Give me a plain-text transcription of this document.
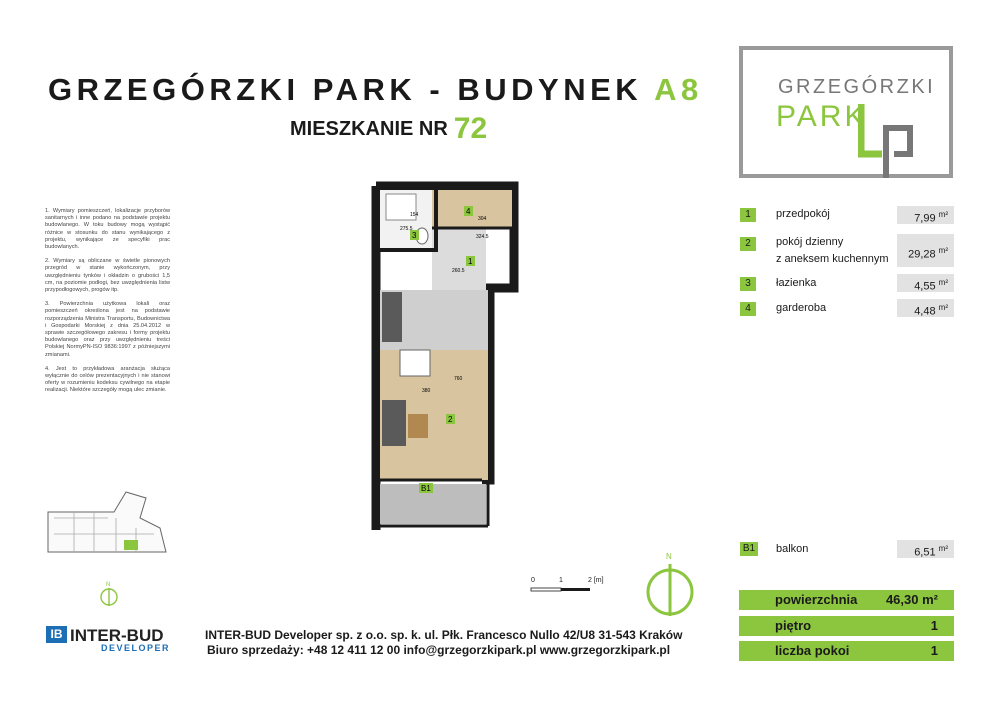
GRZEGÓRZKI PARK - BUDYNEK A8
MIESZKANIE NR 72
GRZEGÓRZKI
PARK

1. Wymiary pomieszczeń, lokalizacje przyborów sanitarnych i inne podano na podstawie projektu budowlanego. W toku budowy mogą wystąpić różnice w stosunku do stanu wynikającego z projektu, wynikające ze specyfiki prac budowlanych.

2. Wymiary są obliczane w świetle pionowych przegród w stanie wykończonym, przy uwzględnieniu tynków i okładzin o grubości 1,5 cm, na poziomie podłogi, bez uwzględnienia listw przypodłogowych, progów itp.

3. Powierzchnia użytkowa lokali oraz pomieszczeń określona jest na podstawie rozporządzenia Ministra Transportu, Budownictwa i Gospodarki Morskiej z dnia 25.04.2012 w sprawie szczegółowego zakresu i formy projektu budowlanego oraz przy uwzględnieniu treści Polskiej NormyPN-ISO 9836:1997 z późniejszymi zmianami.

4. Jest to przykładowa aranżacja służąca wyłącznie do celów prezentacyjnych i nie stanowi oferty w rozumieniu kodeksu cywilnego na etapie realizacji. Niektóre szczegóły mogą ulec zmianie.

3
4
1
2
B1
304
260.5
324.5
760
380
275.5
154
N
0	1	2 [m]
N
1	przedpokój	7,99 $^{m^2}$
2	pokój dzienny
z aneksem kuchennym	29,28 $^{m^2}$
3	łazienka	4,55 $^{m^2}$
4	garderoba	4,48 $^{m^2}$
B1 balkon	6,51 $^{m^2}$
powierzchnia 46,30 m²
piętro	1
liczba pokoi	1
IB INTER-BUD
DEVELOPER
INTER-BUD Developer sp. z o.o. sp. k. ul. Płk. Francesco Nullo 42/U8 31-543 Kraków
Biuro sprzedaży: +48 12 411 12 00 info@grzegorzkipark.pl www.grzegorzkipark.pl
